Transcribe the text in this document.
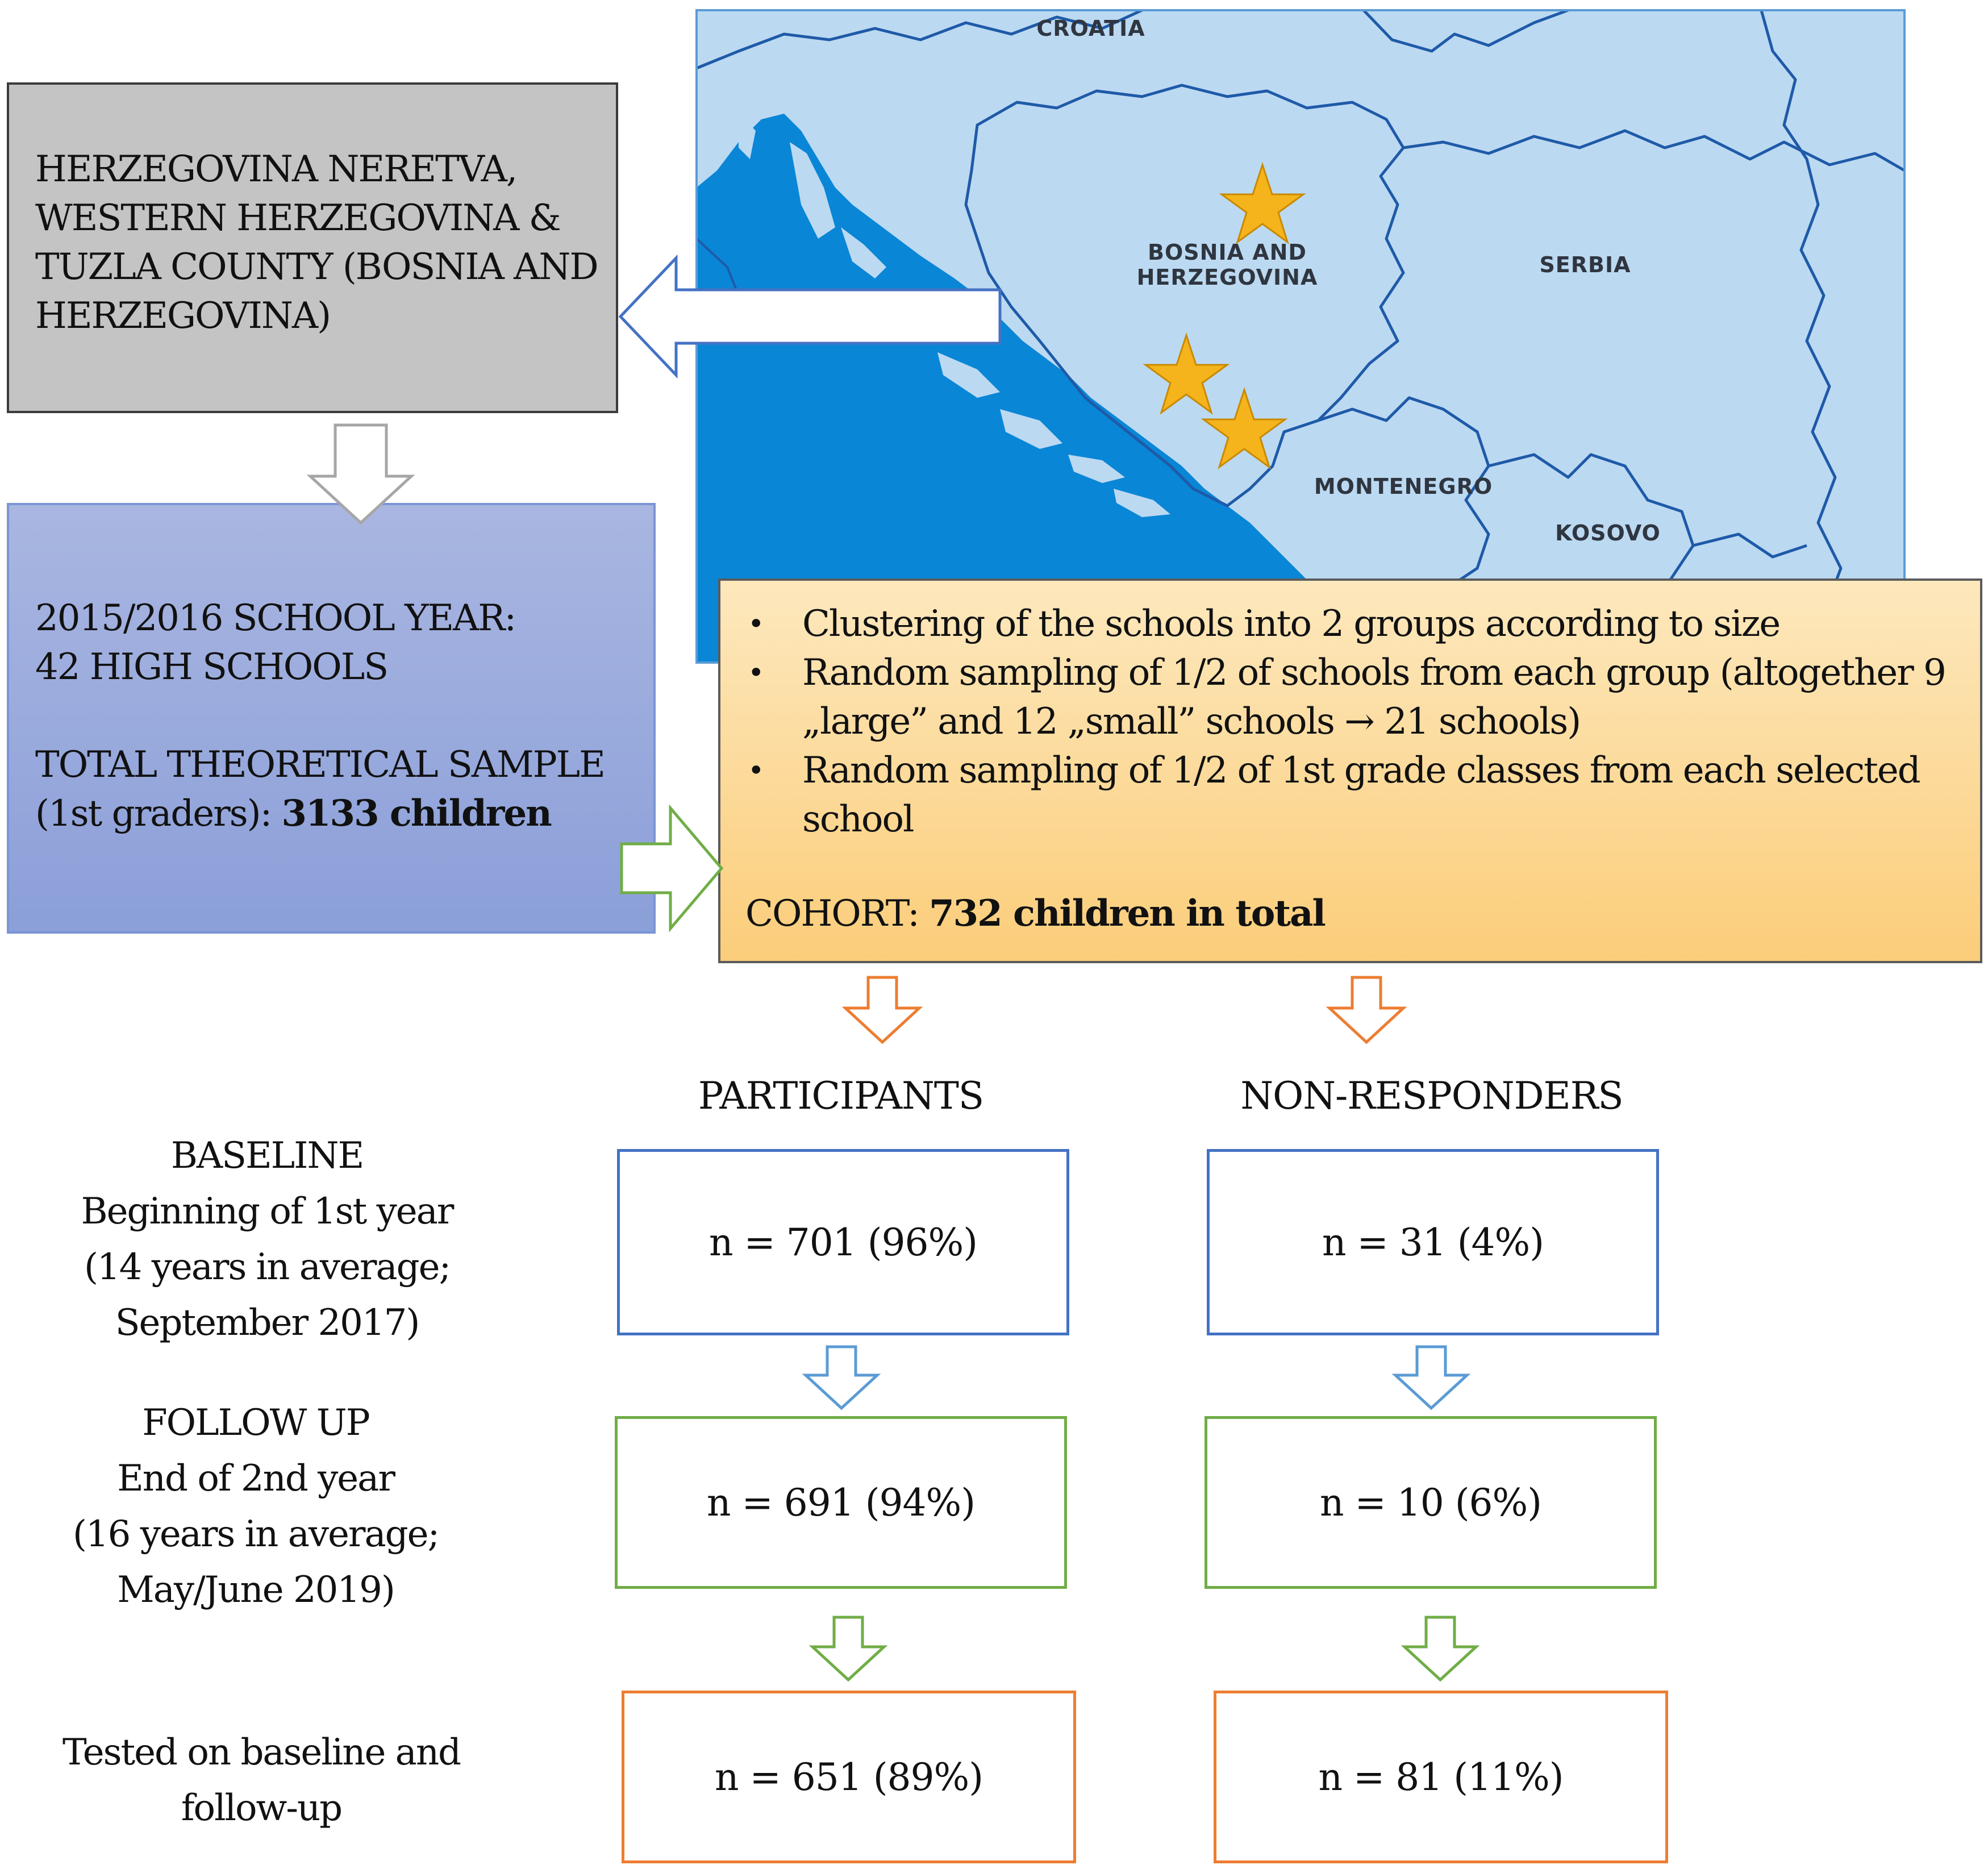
CROATIA
BOSNIA AND
HERZEGOVINA	SERBIA
MONTENEGRO
KOSOVO
HERZEGOVINA NERETVA, WESTERN HERZEGOVINA & TUZLA COUNTY (BOSNIA AND HERZEGOVINA)
2015/2016 SCHOOL YEAR:
42 HIGH SCHOOLS
TOTAL THEORETICAL SAMPLE (1st graders): 3133 children
• Clustering of the schools into 2 groups according to size
• Random sampling of 1/2 of schools from each group (altogether 9 „large” and 12 „small” schools → 21 schools)
• Random sampling of 1/2 of 1st grade classes from each selected school
COHORT: 732 children in total
PARTICIPANTS	NON-RESPONDERS
BASELINE
Beginning of 1st year
(14 years in average;
September 2017)
FOLLOW UP
End of 2nd year
(16 years in average;
May/June 2019)
Tested on baseline and
follow-up
n = 701 (96%)	n = 31 (4%)
n = 691 (94%)	n = 10 (6%)
n = 651 (89%)	n = 81 (11%)
